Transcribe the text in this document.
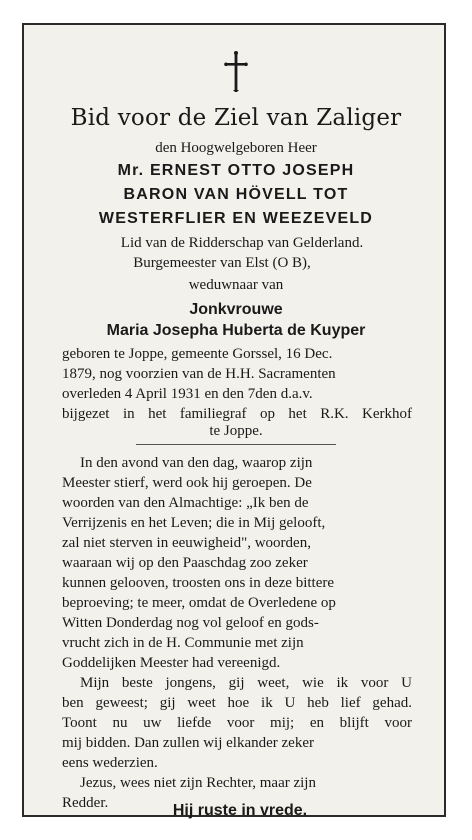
Bid voor de Ziel van Zaliger
den Hoogwelgeboren Heer
Mr. ERNEST OTTO JOSEPH
BARON VAN HÖVELL TOT
WESTERFLIER EN WEEZEVELD
Lid van de Ridderschap van Gelderland.
Burgemeester van Elst (O B),
weduwnaar van
Jonkvrouwe
Maria Josepha Huberta de Kuyper
geboren te Joppe, gemeente Gorssel, 16 Dec.
1879, nog voorzien van de H.H. Sacramenten
overleden 4 April 1931 en den 7den d.a.v.
bijgezet in het familiegraf op het R.K. Kerkhof
te Joppe.
In den avond van den dag, waarop zijn
Meester stierf, werd ook hij geroepen. De
woorden van den Almachtige: „Ik ben de
Verrijzenis en het Leven; die in Mij gelooft,
zal niet sterven in eeuwigheid", woorden,
waaraan wij op den Paaschdag zoo zeker
kunnen gelooven, troosten ons in deze bittere
beproeving; te meer, omdat de Overledene op
Witten Donderdag nog vol geloof en gods-
vrucht zich in de H. Communie met zijn
Goddelijken Meester had vereenigd.
Mijn beste jongens, gij weet, wie ik voor U
ben geweest; gij weet hoe ik U heb lief gehad.
Toont nu uw liefde voor mij; en blijft voor
mij bidden. Dan zullen wij elkander zeker
eens wederzien.
Jezus, wees niet zijn Rechter, maar zijn
Redder.	Hij ruste in vrede.
